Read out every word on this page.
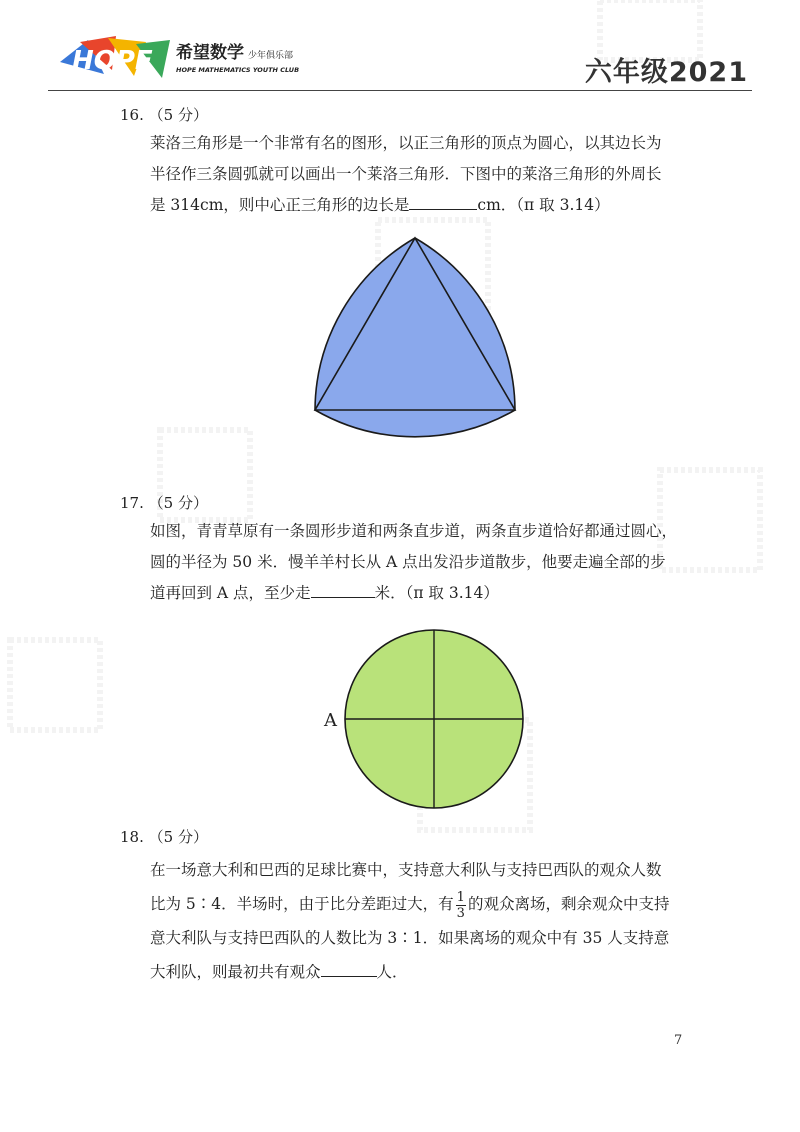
HOPE 希望数学 少年俱乐部
HOPE MATHEMATICS YOUTH CLUB	六年级2021
16. （5 分）
莱洛三角形是一个非常有名的图形，以正三角形的顶点为圆心，以其边长为
半径作三条圆弧就可以画出一个莱洛三角形．下图中的莱洛三角形的外周长
是 314cm，则中心正三角形的边长是	cm．（π 取 3.14）
17. （5 分）
如图，青青草原有一条圆形步道和两条直步道，两条直步道恰好都通过圆心，
圆的半径为 50 米．慢羊羊村长从 A 点出发沿步道散步，他要走遍全部的步
道再回到 A 点，至少走	米．（π 取 3.14）
A
18. （5 分）
在一场意大利和巴西的足球比赛中，支持意大利队与支持巴西队的观众人数
比为 5∶4．半场时，由于比分差距过大，有 $\frac{1}{3}$ 的观众离场，剩余观众中支持
意大利队与支持巴西队的人数比为 3∶1．如果离场的观众中有 35 人支持意
大利队，则最初共有观众	人．
7
